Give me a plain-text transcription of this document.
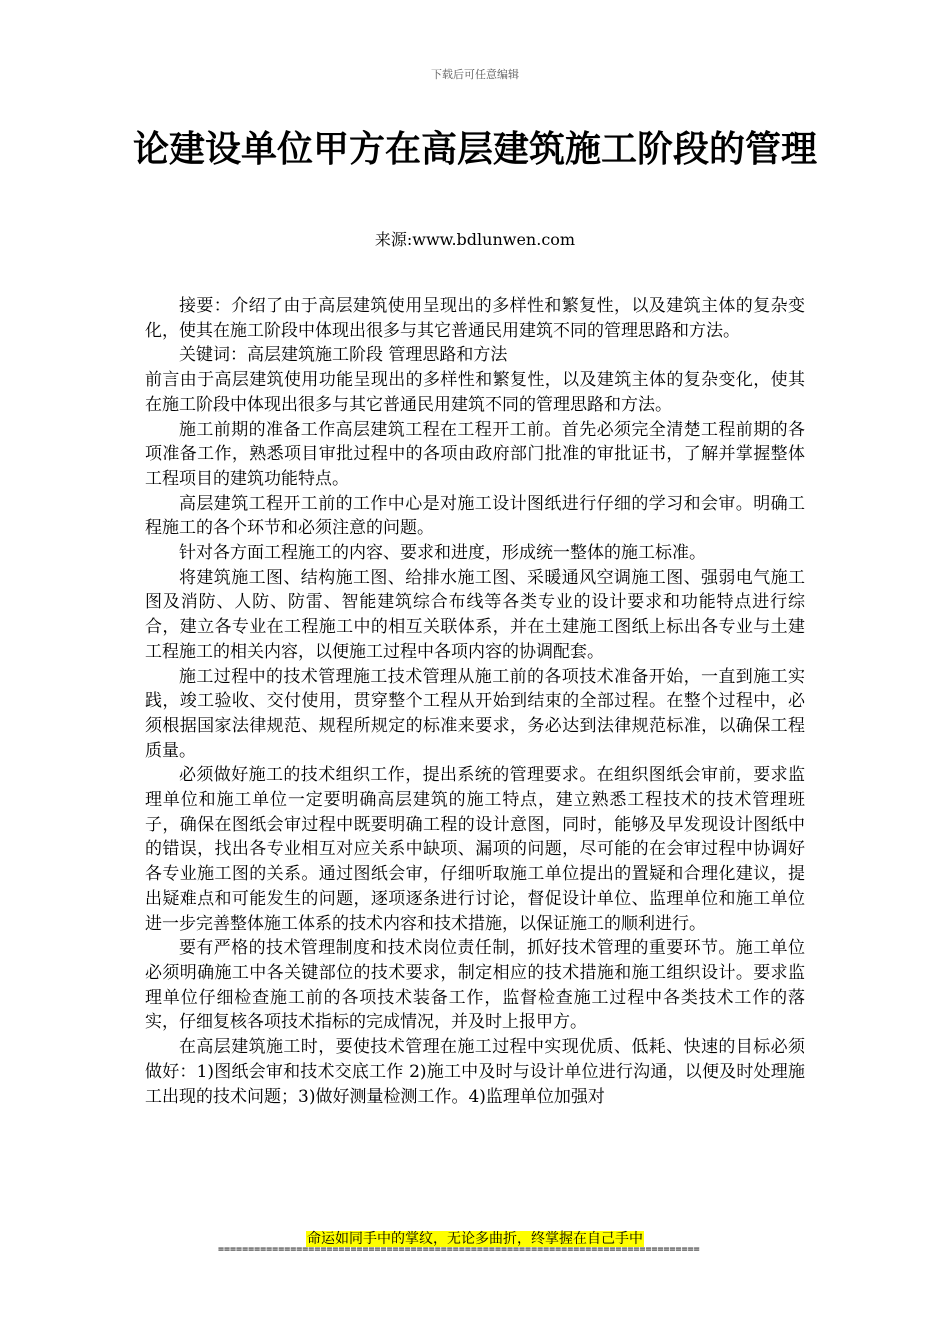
下载后可任意编辑
论建设单位甲方在高层建筑施工阶段的管理
来源:www.bdlunwen.com

接要：介绍了由于高层建筑使用呈现出的多样性和繁复性，以及建筑主体的复杂变化，使其在施工阶段中体现出很多与其它普通民用建筑不同的管理思路和方法。

关键词：高层建筑施工阶段 管理思路和方法

前言由于高层建筑使用功能呈现出的多样性和繁复性，以及建筑主体的复杂变化，使其在施工阶段中体现出很多与其它普通民用建筑不同的管理思路和方法。

施工前期的准备工作高层建筑工程在工程开工前。首先必须完全清楚工程前期的各项准备工作，熟悉项目审批过程中的各项由政府部门批准的审批证书，了解并掌握整体工程项目的建筑功能特点。

高层建筑工程开工前的工作中心是对施工设计图纸进行仔细的学习和会审。明确工程施工的各个环节和必须注意的问题。

针对各方面工程施工的内容、要求和进度，形成统一整体的施工标准。

将建筑施工图、结构施工图、给排水施工图、采暖通风空调施工图、强弱电气施工图及消防、人防、防雷、智能建筑综合布线等各类专业的设计要求和功能特点进行综合，建立各专业在工程施工中的相互关联体系，并在土建施工图纸上标出各专业与土建工程施工的相关内容，以便施工过程中各项内容的协调配套。

施工过程中的技术管理施工技术管理从施工前的各项技术准备开始，一直到施工实践，竣工验收、交付使用，贯穿整个工程从开始到结束的全部过程。在整个过程中，必须根据国家法律规范、规程所规定的标准来要求，务必达到法律规范标准，以确保工程质量。

必须做好施工的技术组织工作，提出系统的管理要求。在组织图纸会审前，要求监理单位和施工单位一定要明确高层建筑的施工特点，建立熟悉工程技术的技术管理班子，确保在图纸会审过程中既要明确工程的设计意图，同时，能够及早发现设计图纸中的错误，找出各专业相互对应关系中缺项、漏项的问题，尽可能的在会审过程中协调好各专业施工图的关系。通过图纸会审，仔细听取施工单位提出的置疑和合理化建议，提出疑难点和可能发生的问题，逐项逐条进行讨论，督促设计单位、监理单位和施工单位进一步完善整体施工体系的技术内容和技术措施，以保证施工的顺利进行。

要有严格的技术管理制度和技术岗位责任制，抓好技术管理的重要环节。施工单位必须明确施工中各关键部位的技术要求，制定相应的技术措施和施工组织设计。要求监理单位仔细检查施工前的各项技术装备工作，监督检查施工过程中各类技术工作的落实，仔细复核各项技术指标的完成情况，并及时上报甲方。

在高层建筑施工时，要使技术管理在施工过程中实现优质、低耗、快速的目标必须做好：1)图纸会审和技术交底工作 2)施工中及时与设计单位进行沟通，以便及时处理施工出现的技术问题；3)做好测量检测工作。4)监理单位加强对

命运如同手中的掌纹，无论多曲折，终掌握在自己手中
================================================================================
